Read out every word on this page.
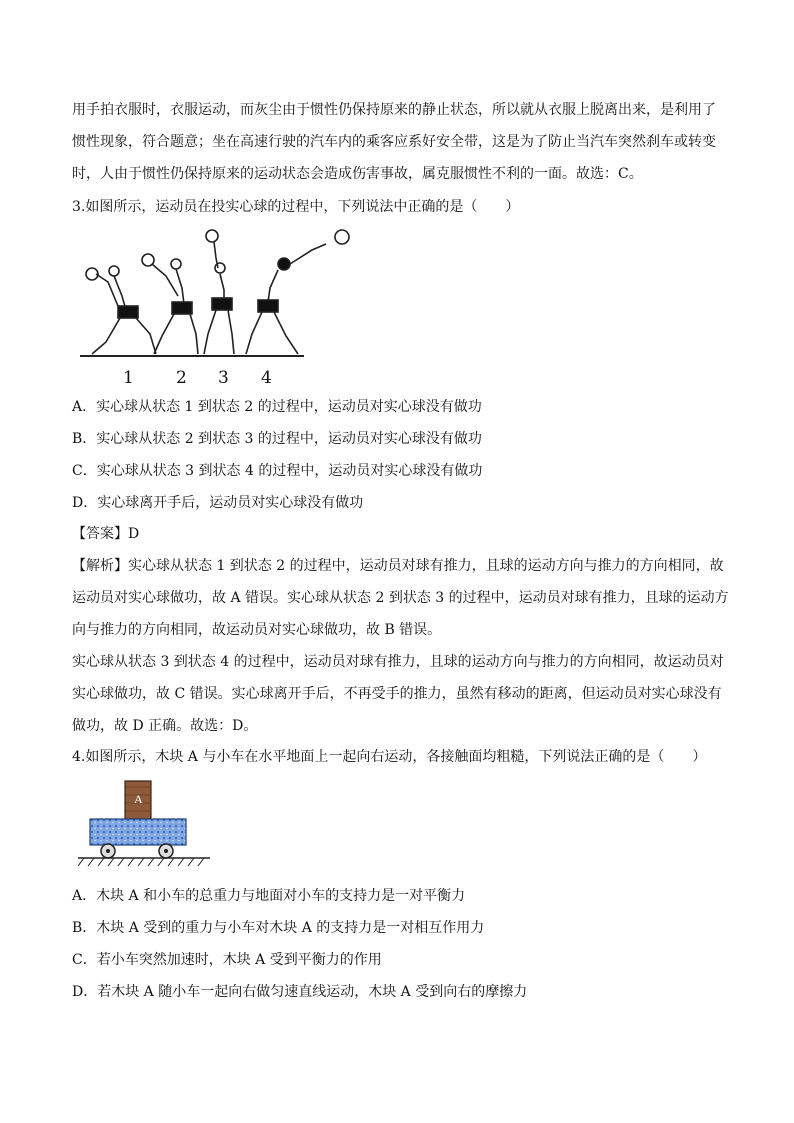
用手拍衣服时，衣服运动，而灰尘由于惯性仍保持原来的静止状态，所以就从衣服上脱离出来，是利用了
惯性现象，符合题意；坐在高速行驶的汽车内的乘客应系好安全带，这是为了防止当汽车突然刹车或转变
时，人由于惯性仍保持原来的运动状态会造成伤害事故，属克服惯性不利的一面。故选：C。
3.如图所示，运动员在投实心球的过程中，下列说法中正确的是（　　）
1 2 3 4
A．实心球从状态 1 到状态 2 的过程中，运动员对实心球没有做功
B．实心球从状态 2 到状态 3 的过程中，运动员对实心球没有做功
C．实心球从状态 3 到状态 4 的过程中，运动员对实心球没有做功
D．实心球离开手后，运动员对实心球没有做功
【答案】D
【解析】实心球从状态 1 到状态 2 的过程中，运动员对球有推力，且球的运动方向与推力的方向相同，故
运动员对实心球做功，故 A 错误。实心球从状态 2 到状态 3 的过程中，运动员对球有推力，且球的运动方
向与推力的方向相同，故运动员对实心球做功，故 B 错误。
实心球从状态 3 到状态 4 的过程中，运动员对球有推力，且球的运动方向与推力的方向相同，故运动员对
实心球做功，故 C 错误。实心球离开手后，不再受手的推力，虽然有移动的距离，但运动员对实心球没有
做功，故 D 正确。故选：D。
4.如图所示，木块 A 与小车在水平地面上一起向右运动，各接触面均粗糙，下列说法正确的是（　　）
A
A．木块 A 和小车的总重力与地面对小车的支持力是一对平衡力
B．木块 A 受到的重力与小车对木块 A 的支持力是一对相互作用力
C．若小车突然加速时，木块 A 受到平衡力的作用
D．若木块 A 随小车一起向右做匀速直线运动，木块 A 受到向右的摩擦力
